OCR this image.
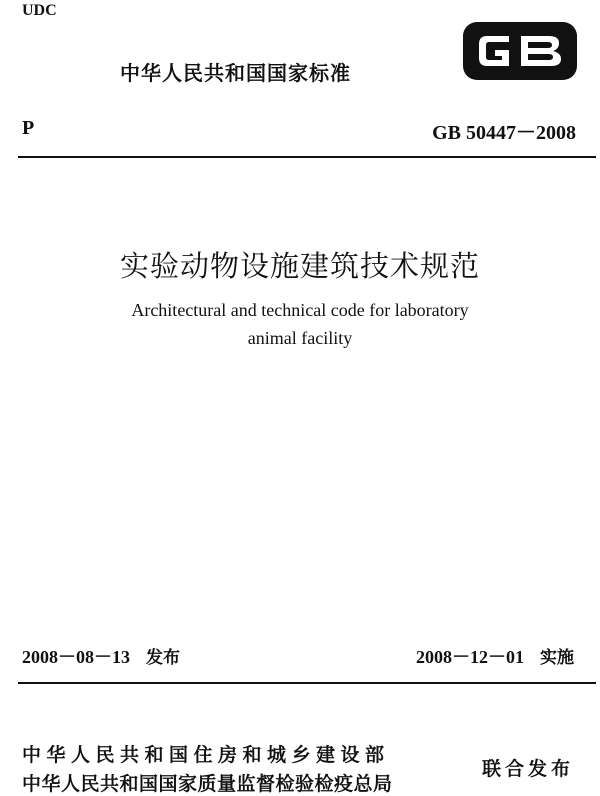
UDC
中华人民共和国国家标准
P	GB 50447－2008
实验动物设施建筑技术规范
Architectural and technical code for laboratory
animal facility
2008－08－13 发布	2008－12－01 实施
中华人民共和国住房和城乡建设部
中华人民共和国国家质量监督检验检疫总局
联合发布
